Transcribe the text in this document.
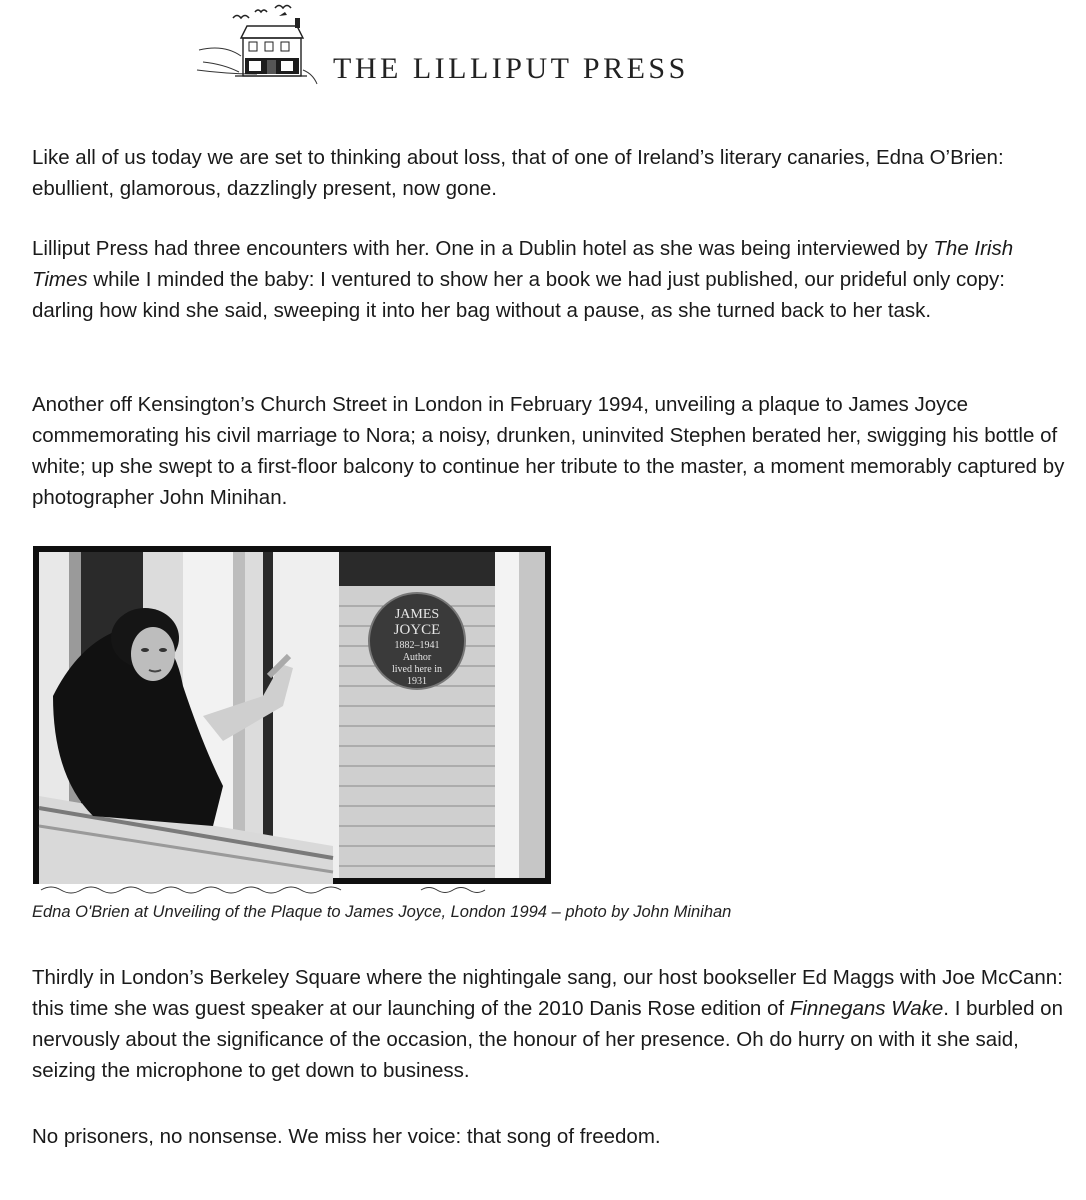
THE LILLIPUT PRESS

Like all of us today we are set to thinking about loss, that of one of Ireland’s literary canaries, Edna O’Brien: ebullient, glamorous, dazzlingly present, now gone.

Lilliput Press had three encounters with her. One in a Dublin hotel as she was being interviewed by The Irish Times while I minded the baby: I ventured to show her a book we had just published, our prideful only copy: darling how kind she said, sweeping it into her bag without a pause, as she turned back to her task.

Another off Kensington’s Church Street in London in February 1994, unveiling a plaque to James Joyce commemorating his civil marriage to Nora; a noisy, drunken, uninvited Stephen berated her, swigging his bottle of white; up she swept to a first-floor balcony to continue her tribute to the master, a moment memorably captured by photographer John Minihan.

JAMES
JOYCE
1882–1941
Author
lived here in
1931
Edna O'Brien at Unveiling of the Plaque to James Joyce, London 1994 – photo by John Minihan

Thirdly in London’s Berkeley Square where the nightingale sang, our host bookseller Ed Maggs with Joe McCann: this time she was guest speaker at our launching of the 2010 Danis Rose edition of Finnegans Wake. I burbled on nervously about the significance of the occasion, the honour of her presence. Oh do hurry on with it she said, seizing the microphone to get down to business.

No prisoners, no nonsense. We miss her voice: that song of freedom.
